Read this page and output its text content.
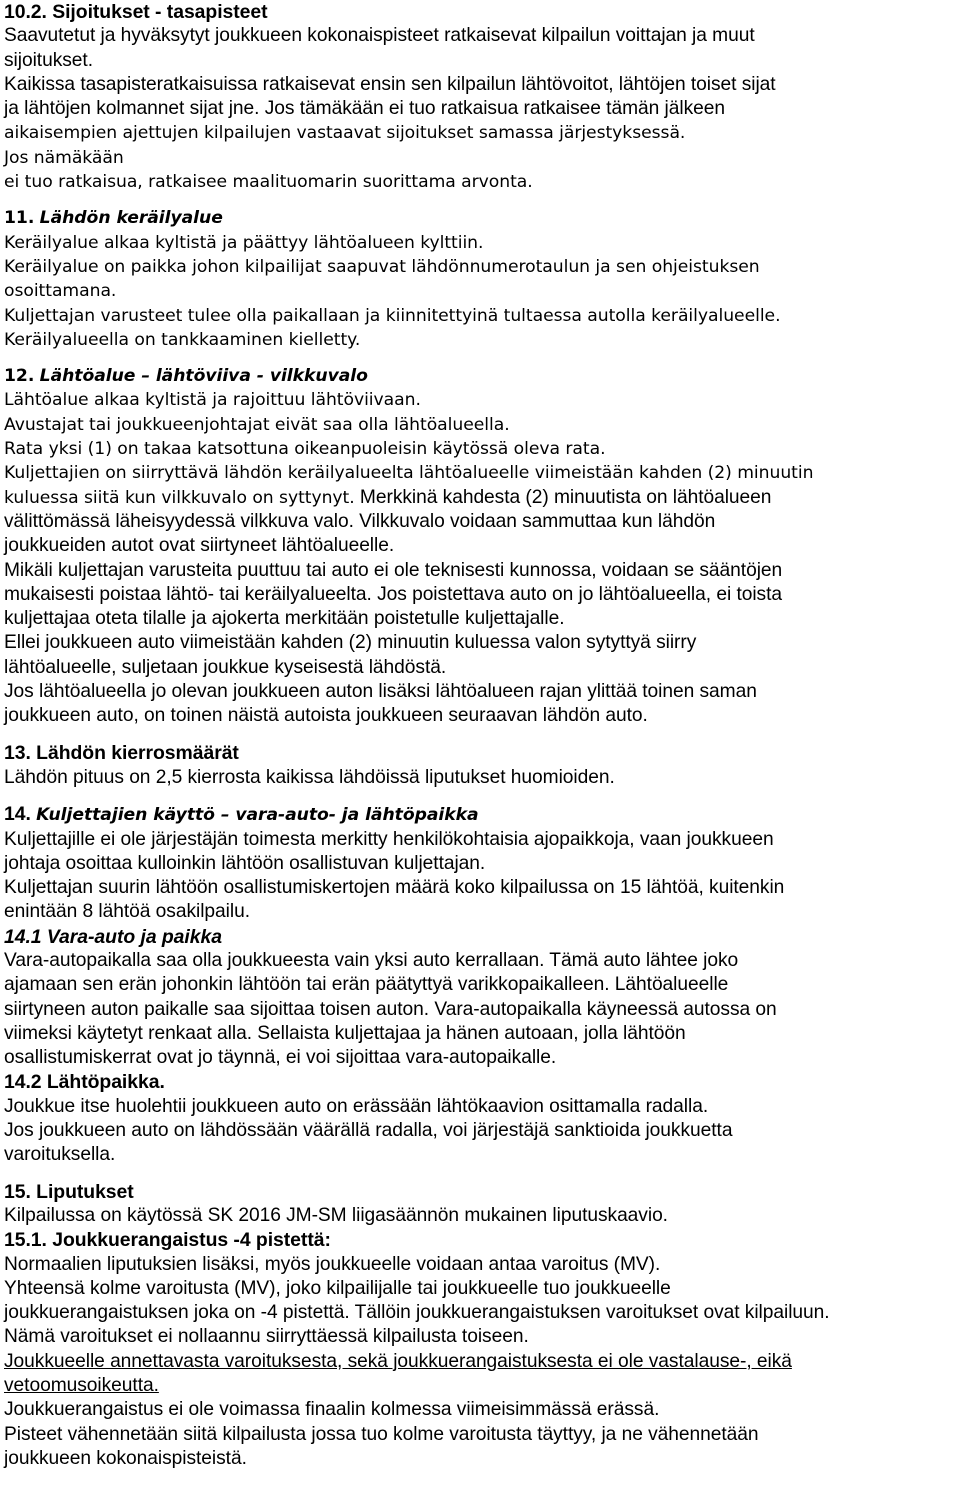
10.2. Sijoitukset - tasapisteet
Saavutetut ja hyväksytyt joukkueen kokonaispisteet ratkaisevat kilpailun voittajan ja muut
sijoitukset.
Kaikissa tasapisteratkaisuissa ratkaisevat ensin sen kilpailun lähtövoitot, lähtöjen toiset sijat
ja lähtöjen kolmannet sijat jne. Jos tämäkään ei tuo ratkaisua ratkaisee tämän jälkeen
aikaisempien ajettujen kilpailujen vastaavat sijoitukset samassa järjestyksessä.
Jos nämäkään
ei tuo ratkaisua, ratkaisee maalituomarin suorittama arvonta.
11. Lähdön keräilyalue
Keräilyalue alkaa kyltistä ja päättyy lähtöalueen kylttiin.
Keräilyalue on paikka johon kilpailijat saapuvat lähdönnumerotaulun ja sen ohjeistuksen
osoittamana.
Kuljettajan varusteet tulee olla paikallaan ja kiinnitettyinä tultaessa autolla keräilyalueelle.
Keräilyalueella on tankkaaminen kielletty.
12. Lähtöalue – lähtöviiva - vilkkuvalo
Lähtöalue alkaa kyltistä ja rajoittuu lähtöviivaan.
Avustajat tai joukkueenjohtajat eivät saa olla lähtöalueella.
Rata yksi (1) on takaa katsottuna oikeanpuoleisin käytössä oleva rata.
Kuljettajien on siirryttävä lähdön keräilyalueelta lähtöalueelle viimeistään kahden (2) minuutin
kuluessa siitä kun vilkkuvalo on syttynyt. Merkkinä kahdesta (2) minuutista on lähtöalueen
välittömässä läheisyydessä vilkkuva valo. Vilkkuvalo voidaan sammuttaa kun lähdön
joukkueiden autot ovat siirtyneet lähtöalueelle.
Mikäli kuljettajan varusteita puuttuu tai auto ei ole teknisesti kunnossa, voidaan se sääntöjen
mukaisesti poistaa lähtö- tai keräilyalueelta. Jos poistettava auto on jo lähtöalueella, ei toista
kuljettajaa oteta tilalle ja ajokerta merkitään poistetulle kuljettajalle.
Ellei joukkueen auto viimeistään kahden (2) minuutin kuluessa valon sytyttyä siirry
lähtöalueelle, suljetaan joukkue kyseisestä lähdöstä.
Jos lähtöalueella jo olevan joukkueen auton lisäksi lähtöalueen rajan ylittää toinen saman
joukkueen auto, on toinen näistä autoista joukkueen seuraavan lähdön auto.
13. Lähdön kierrosmäärät
Lähdön pituus on 2,5 kierrosta kaikissa lähdöissä liputukset huomioiden.
14. Kuljettajien käyttö – vara-auto- ja lähtöpaikka
Kuljettajille ei ole järjestäjän toimesta merkitty henkilökohtaisia ajopaikkoja, vaan joukkueen
johtaja osoittaa kulloinkin lähtöön osallistuvan kuljettajan.
Kuljettajan suurin lähtöön osallistumiskertojen määrä koko kilpailussa on 15 lähtöä, kuitenkin
enintään 8 lähtöä osakilpailu.
14.1 Vara-auto ja paikka
Vara-autopaikalla saa olla joukkueesta vain yksi auto kerrallaan. Tämä auto lähtee joko
ajamaan sen erän johonkin lähtöön tai erän päätyttyä varikkopaikalleen. Lähtöalueelle
siirtyneen auton paikalle saa sijoittaa toisen auton. Vara-autopaikalla käyneessä autossa on
viimeksi käytetyt renkaat alla. Sellaista kuljettajaa ja hänen autoaan, jolla lähtöön
osallistumiskerrat ovat jo täynnä, ei voi sijoittaa vara-autopaikalle.
14.2 Lähtöpaikka.
Joukkue itse huolehtii joukkueen auto on erässään lähtökaavion osittamalla radalla.
Jos joukkueen auto on lähdössään väärällä radalla, voi järjestäjä sanktioida joukkuetta
varoituksella.
15. Liputukset
Kilpailussa on käytössä SK 2016 JM-SM liigasäännön mukainen liputuskaavio.
15.1. Joukkuerangaistus -4 pistettä:
Normaalien liputuksien lisäksi, myös joukkueelle voidaan antaa varoitus (MV).
Yhteensä kolme varoitusta (MV), joko kilpailijalle tai joukkueelle tuo joukkueelle
joukkuerangaistuksen joka on -4 pistettä. Tällöin joukkuerangaistuksen varoitukset ovat kilpailuun.
Nämä varoitukset ei nollaannu siirryttäessä kilpailusta toiseen.
Joukkueelle annettavasta varoituksesta, sekä joukkuerangaistuksesta ei ole vastalause-, eikä
vetoomusoikeutta.
Joukkuerangaistus ei ole voimassa finaalin kolmessa viimeisimmässä erässä.
Pisteet vähennetään siitä kilpailusta jossa tuo kolme varoitusta täyttyy, ja ne vähennetään
joukkueen kokonaispisteistä.
